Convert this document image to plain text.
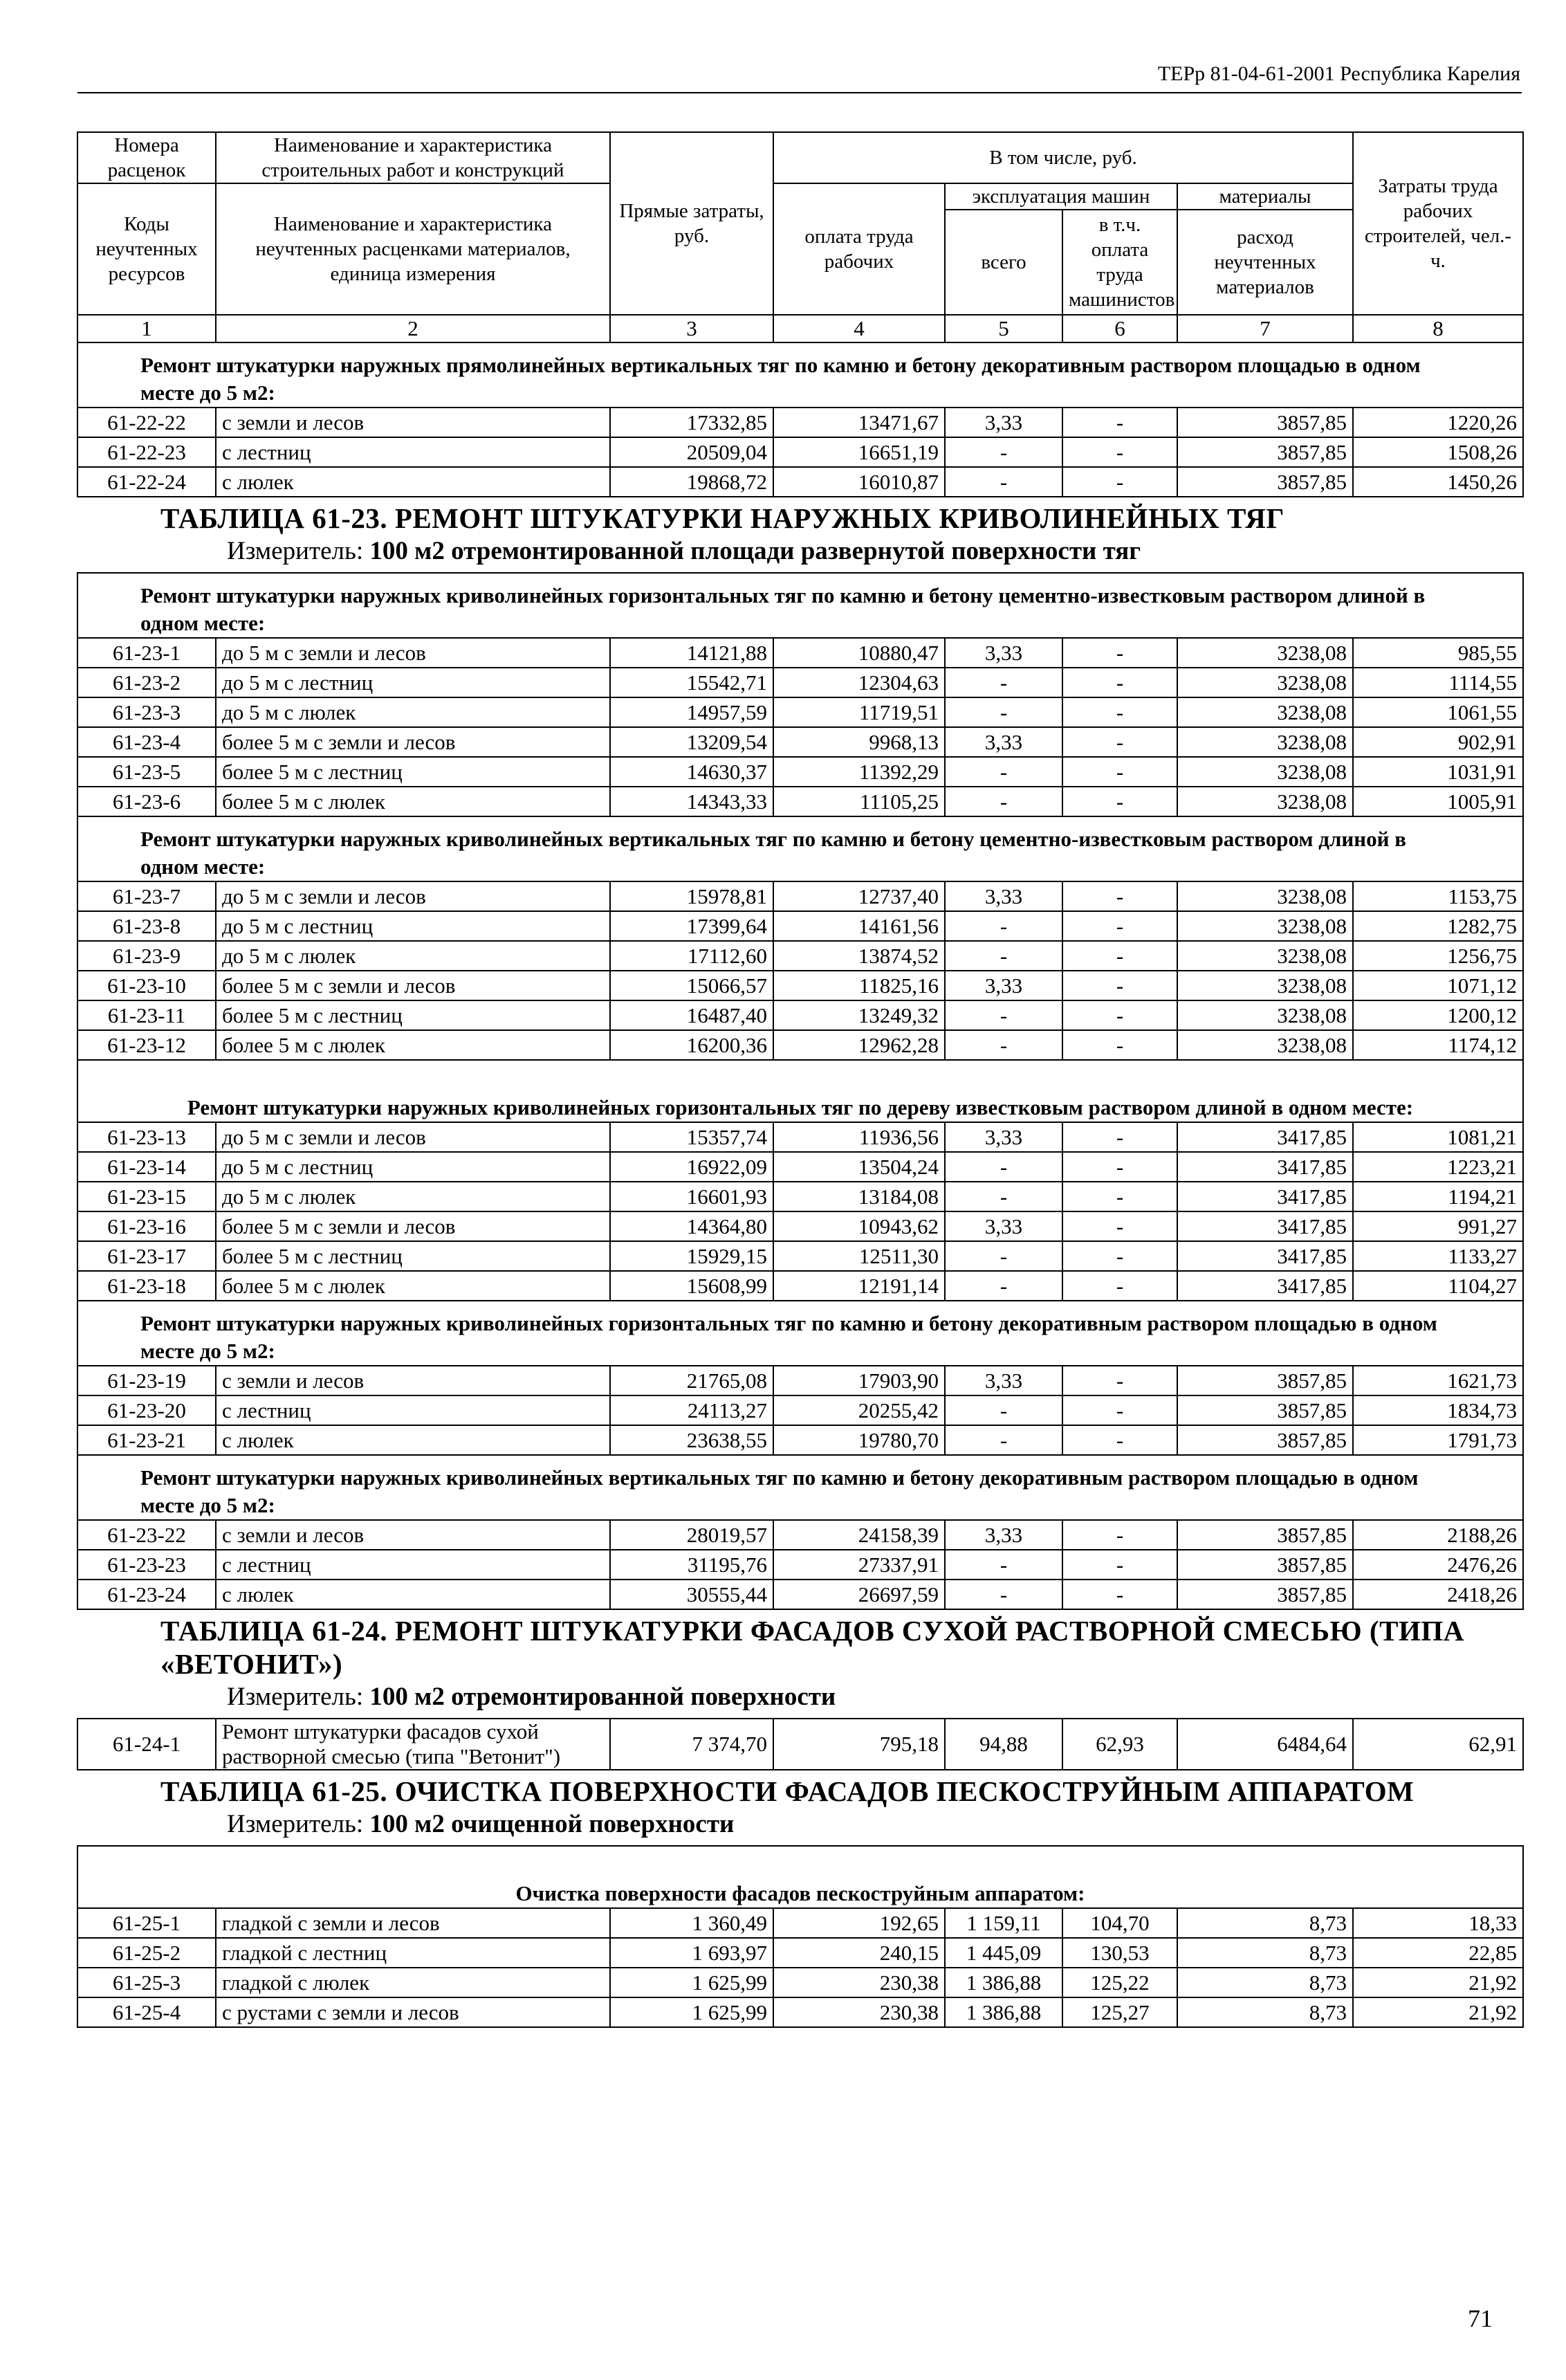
ТЕРр 81-04-61-2001 Республика Карелия
Номера расценок	Наименование и характеристика строительных работ и конструкций	Прямые затраты, руб.	В том числе, руб.				Затраты труда рабочих строителей, чел.-ч.
Коды неучтенных ресурсов	Наименование и характеристика неучтенных расценками материалов, единица измерения		оплата труда рабочих	эксплуатация машин		материалы	
				всего	в т.ч. оплата труда машинистов	расход неучтенных материалов	

1	2	3	4	5	6	7	8
Ремонт штукатурки наружных прямолинейных вертикальных тяг по камню и бетону декоративным раствором площадью в одном месте до 5 м2:							
61-22-22	с земли и лесов	17332,85	13471,67	3,33	-	3857,85	1220,26
61-22-23	с лестниц	20509,04	16651,19	-	-	3857,85	1508,26
61-22-24	с люлек	19868,72	16010,87	-	-	3857,85	1450,26
ТАБЛИЦА 61-23. РЕМОНТ ШТУКАТУРКИ НАРУЖНЫХ КРИВОЛИНЕЙНЫХ ТЯГ
Измеритель: 100 м2 отремонтированной площади развернутой поверхности тяг							

Ремонт штукатурки наружных криволинейных горизонтальных тяг по камню и бетону цементно-известковым раствором длиной в одном месте:							
61-23-1	до 5 м с земли и лесов	14121,88	10880,47	3,33	-	3238,08	985,55
61-23-2	до 5 м с лестниц	15542,71	12304,63	-	-	3238,08	1114,55
61-23-3	до 5 м с люлек	14957,59	11719,51	-	-	3238,08	1061,55
61-23-4	более 5 м с земли и лесов	13209,54	9968,13	3,33	-	3238,08	902,91
61-23-5	более 5 м с лестниц	14630,37	11392,29	-	-	3238,08	1031,91
61-23-6	более 5 м с люлек	14343,33	11105,25	-	-	3238,08	1005,91
Ремонт штукатурки наружных криволинейных вертикальных тяг по камню и бетону цементно-известковым раствором длиной в одном месте:							
61-23-7	до 5 м с земли и лесов	15978,81	12737,40	3,33	-	3238,08	1153,75
61-23-8	до 5 м с лестниц	17399,64	14161,56	-	-	3238,08	1282,75
61-23-9	до 5 м с люлек	17112,60	13874,52	-	-	3238,08	1256,75
61-23-10	более 5 м с земли и лесов	15066,57	11825,16	3,33	-	3238,08	1071,12
61-23-11	более 5 м с лестниц	16487,40	13249,32	-	-	3238,08	1200,12
61-23-12	более 5 м с люлек	16200,36	12962,28	-	-	3238,08	1174,12
Ремонт штукатурки наружных криволинейных горизонтальных тяг по дереву известковым раствором длиной в одном месте:							
61-23-13	до 5 м с земли и лесов	15357,74	11936,56	3,33	-	3417,85	1081,21
61-23-14	до 5 м с лестниц	16922,09	13504,24	-	-	3417,85	1223,21
61-23-15	до 5 м с люлек	16601,93	13184,08	-	-	3417,85	1194,21
61-23-16	более 5 м с земли и лесов	14364,80	10943,62	3,33	-	3417,85	991,27
61-23-17	более 5 м с лестниц	15929,15	12511,30	-	-	3417,85	1133,27
61-23-18	более 5 м с люлек	15608,99	12191,14	-	-	3417,85	1104,27
Ремонт штукатурки наружных криволинейных горизонтальных тяг по камню и бетону декоративным раствором площадью в одном месте до 5 м2:							
61-23-19	с земли и лесов	21765,08	17903,90	3,33	-	3857,85	1621,73
61-23-20	с лестниц	24113,27	20255,42	-	-	3857,85	1834,73
61-23-21	с люлек	23638,55	19780,70	-	-	3857,85	1791,73
Ремонт штукатурки наружных криволинейных вертикальных тяг по камню и бетону декоративным раствором площадью в одном месте до 5 м2:							
61-23-22	с земли и лесов	28019,57	24158,39	3,33	-	3857,85	2188,26
61-23-23	с лестниц	31195,76	27337,91	-	-	3857,85	2476,26
61-23-24	с люлек	30555,44	26697,59	-	-	3857,85	2418,26
ТАБЛИЦА 61-24. РЕМОНТ ШТУКАТУРКИ ФАСАДОВ СУХОЙ РАСТВОРНОЙ СМЕСЬЮ (ТИПА «ВЕТОНИТ»)
Измеритель: 100 м2 отремонтированной поверхности							

61-24-1	Ремонт штукатурки фасадов сухой растворной смесью (типа "Ветонит")	7 374,70	795,18	94,88	62,93	6484,64	62,91
ТАБЛИЦА 61-25. ОЧИСТКА ПОВЕРХНОСТИ ФАСАДОВ ПЕСКОСТРУЙНЫМ АППАРАТОМ
Измеритель: 100 м2 очищенной поверхности							

Очистка поверхности фасадов пескоструйным аппаратом:							
61-25-1	гладкой с земли и лесов	1 360,49	192,65	1 159,11	104,70	8,73	18,33
61-25-2	гладкой с лестниц	1 693,97	240,15	1 445,09	130,53	8,73	22,85
61-25-3	гладкой с люлек	1 625,99	230,38	1 386,88	125,22	8,73	21,92
61-25-4	с рустами с земли и лесов	1 625,99	230,38	1 386,88	125,27	8,73	21,92
71
